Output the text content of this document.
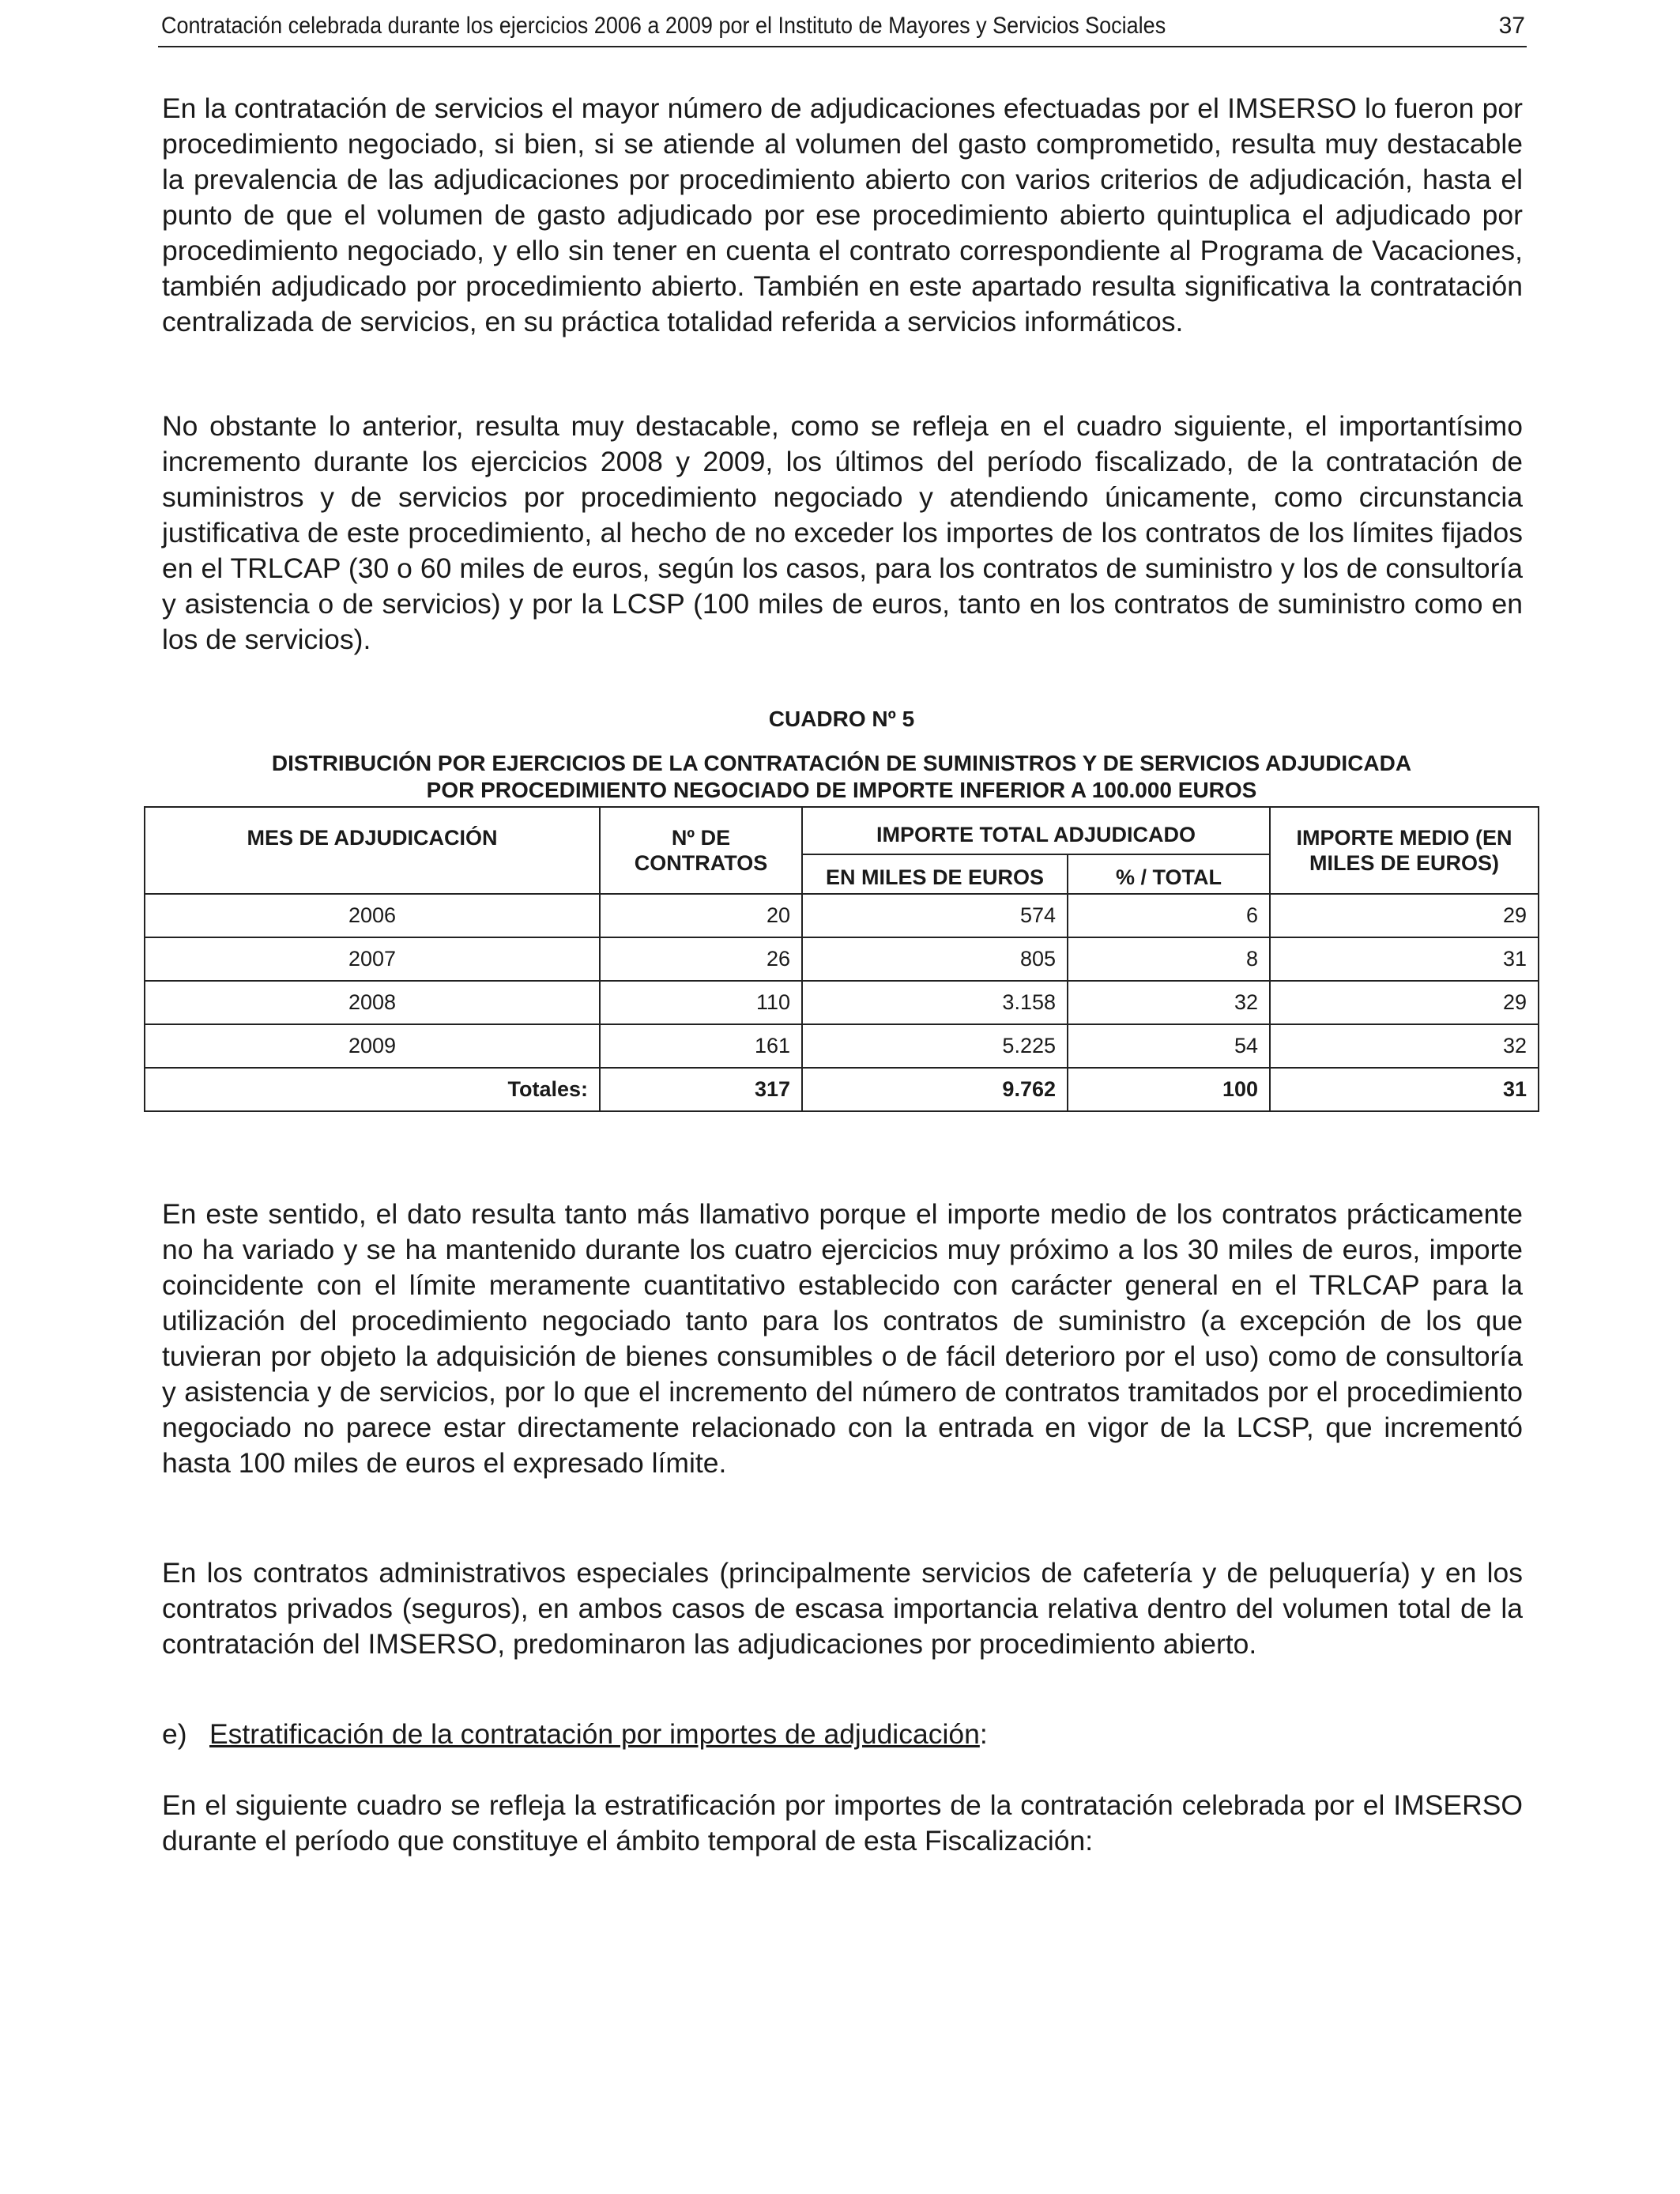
Contratación celebrada durante los ejercicios 2006 a 2009 por el Instituto de Mayores y Servicios Sociales	37

En la contratación de servicios el mayor número de adjudicaciones efectuadas por el IMSERSO lo fueron por procedimiento negociado, si bien, si se atiende al volumen del gasto comprometido, resulta muy destacable la prevalencia de las adjudicaciones por procedimiento abierto con varios criterios de adjudicación, hasta el punto de que el volumen de gasto adjudicado por ese procedimiento abierto quintuplica el adjudicado por procedimiento negociado, y ello sin tener en cuenta el contrato correspondiente al Programa de Vacaciones, también adjudicado por procedimiento abierto. También en este apartado resulta significativa la contratación centralizada de servicios, en su práctica totalidad referida a servicios informáticos.

No obstante lo anterior, resulta muy destacable, como se refleja en el cuadro siguiente, el importantísimo incremento durante los ejercicios 2008 y 2009, los últimos del período fiscalizado, de la contratación de suministros y de servicios por procedimiento negociado y atendiendo únicamente, como circunstancia justificativa de este procedimiento, al hecho de no exceder los importes de los contratos de los límites fijados en el TRLCAP (30 o 60 miles de euros, según los casos, para los contratos de suministro y los de consultoría y asistencia o de servicios) y por la LCSP (100 miles de euros, tanto en los contratos de suministro como en los de servicios).

CUADRO Nº 5

DISTRIBUCIÓN POR EJERCICIOS DE LA CONTRATACIÓN DE SUMINISTROS Y DE SERVICIOS ADJUDICADA

POR PROCEDIMIENTO NEGOCIADO DE IMPORTE INFERIOR A 100.000 EUROS

MES DE ADJUDICACIÓN	Nº DE CONTRATOS	IMPORTE TOTAL ADJUDICADO		IMPORTE MEDIO (EN MILES DE EUROS)
		EN MILES DE EUROS	% / TOTAL	
2006	20	574	6	29
2007	26	805	8	31
2008	110	3.158	32	29
2009	161	5.225	54	32
Totales:	317	9.762	100	31

En este sentido, el dato resulta tanto más llamativo porque el importe medio de los contratos prácticamente no ha variado y se ha mantenido durante los cuatro ejercicios muy próximo a los 30 miles de euros, importe coincidente con el límite meramente cuantitativo establecido con carácter general en el TRLCAP para la utilización del procedimiento negociado tanto para los contratos de suministro (a excepción de los que tuvieran por objeto la adquisición de bienes consumibles o de fácil deterioro por el uso) como de consultoría y asistencia y de servicios, por lo que el incremento del número de contratos tramitados por el procedimiento negociado no parece estar directamente relacionado con la entrada en vigor de la LCSP, que incrementó hasta 100 miles de euros el expresado límite.

En los contratos administrativos especiales (principalmente servicios de cafetería y de peluquería) y en los contratos privados (seguros), en ambos casos de escasa importancia relativa dentro del volumen total de la contratación del IMSERSO, predominaron las adjudicaciones por procedimiento abierto.

e) Estratificación de la contratación por importes de adjudicación:

En el siguiente cuadro se refleja la estratificación por importes de la contratación celebrada por el IMSERSO durante el período que constituye el ámbito temporal de esta Fiscalización:
